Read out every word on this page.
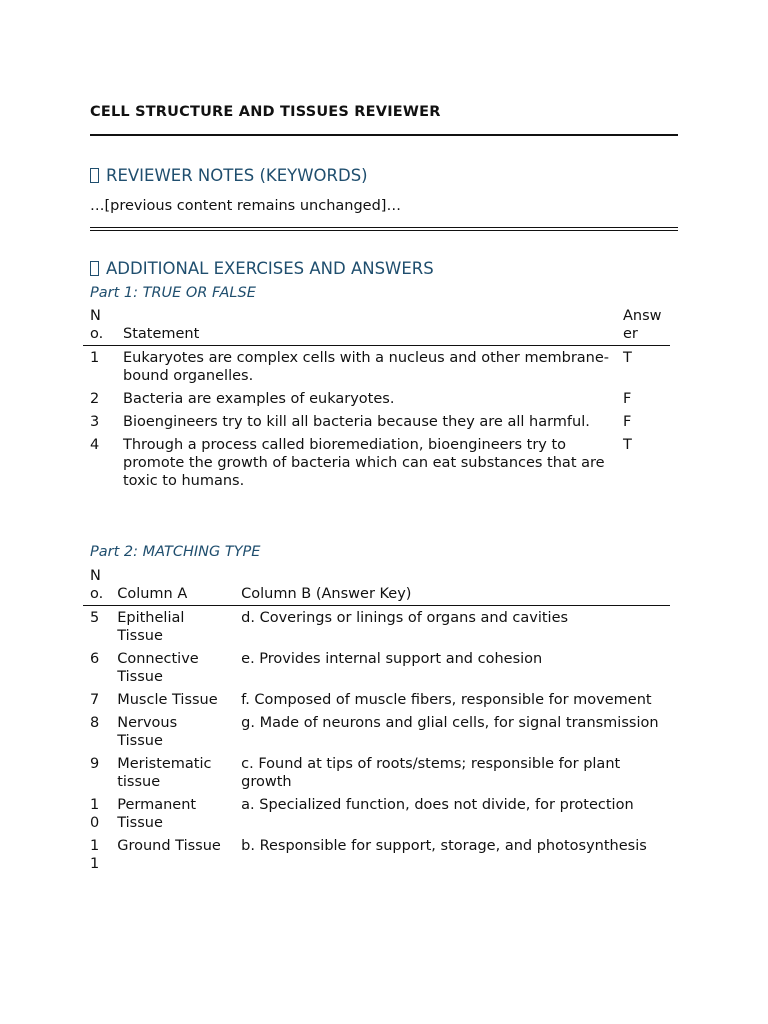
CELL STRUCTURE AND TISSUES REVIEWER
REVIEWER NOTES (KEYWORDS)
…[previous content remains unchanged]…
ADDITIONAL EXERCISES AND ANSWERS
Part 1: TRUE OR FALSE
No.	Statement	Answer
1	Eukaryotes are complex cells with a nucleus and other membrane-bound organelles.	T
2	Bacteria are examples of eukaryotes.	F
3	Bioengineers try to kill all bacteria because they are all harmful.	F
4	Through a process called bioremediation, bioengineers try to promote the growth of bacteria which can eat substances that are toxic to humans.	T
Part 2: MATCHING TYPE
No.	Column A	Column B (Answer Key)
5	Epithelial Tissue	d. Coverings or linings of organs and cavities
6	Connective Tissue	e. Provides internal support and cohesion
7	Muscle Tissue	f. Composed of muscle fibers, responsible for movement
8	Nervous Tissue	g. Made of neurons and glial cells, for signal transmission
9	Meristematic tissue	c. Found at tips of roots/stems; responsible for plant growth
10	Permanent Tissue	a. Specialized function, does not divide, for protection
11	Ground Tissue	b. Responsible for support, storage, and photosynthesis
